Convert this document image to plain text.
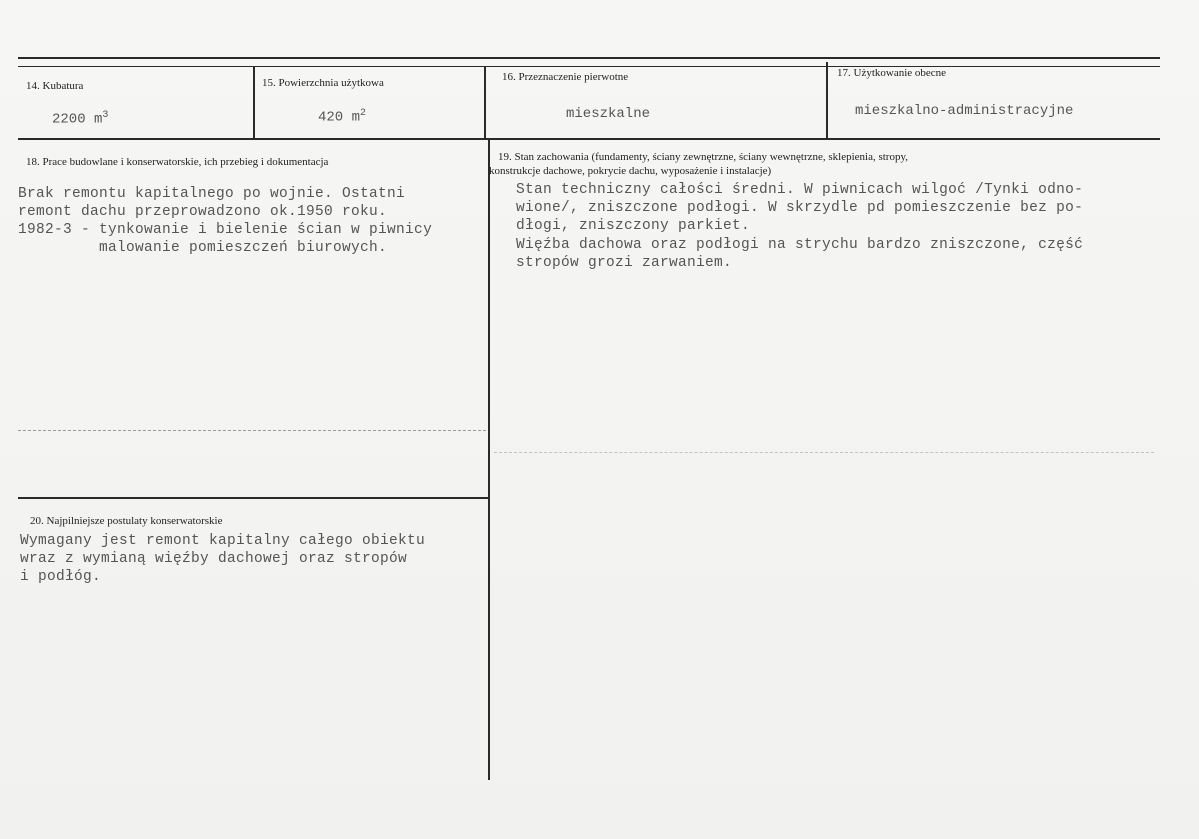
14. Kubatura
2200 $m^3$
15. Powierzchnia użytkowa
420 $m^2$
16. Przeznaczenie pierwotne
mieszkalne
17. Użytkowanie obecne
mieszkalno-administracyjne
18. Prace budowlane i konserwatorskie, ich przebieg i dokumentacja
Brak remontu kapitalnego po wojnie. Ostatni
remont dachu przeprowadzono ok.1950 roku.
1982-3 - tynkowanie i bielenie ścian w piwnicy
malowanie pomieszczeń biurowych.
19. Stan zachowania (fundamenty, ściany zewnętrzne, ściany wewnętrzne, sklepienia, stropy,
konstrukcje dachowe, pokrycie dachu, wyposażenie i instalacje)
Stan techniczny całości średni. W piwnicach wilgoć /Tynki odno-
wione/, zniszczone podłogi. W skrzydle pd pomieszczenie bez po-
dłogi, zniszczony parkiet.
Więźba dachowa oraz podłogi na strychu bardzo zniszczone, część
stropów grozi zarwaniem.
20. Najpilniejsze postulaty konserwatorskie
Wymagany jest remont kapitalny całego obiektu
wraz z wymianą więźby dachowej oraz stropów
i podłóg.
